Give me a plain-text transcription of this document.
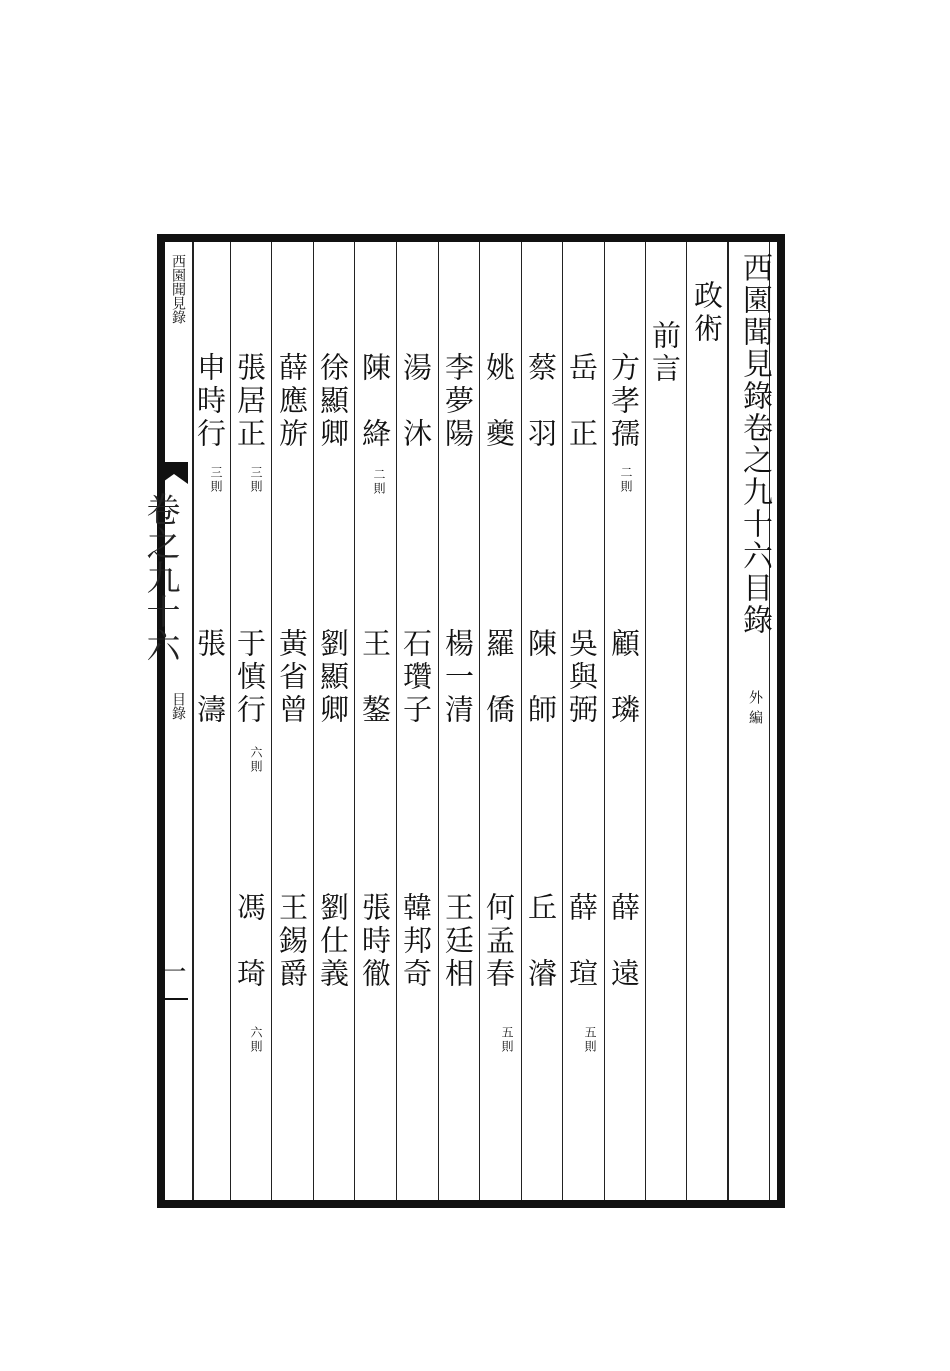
西園聞見錄
卷之九十六
目錄
一
西園聞見錄卷之九十六目錄
外編
政術
前言
方孝孺
二則
顧　璘
薛　遠
岳　正
吳與弼
薛　瑄
五則
蔡　羽
陳　師
丘　濬
姚　夔
羅　僑
何孟春
五則
李夢陽
楊一清
王廷相
湯　沐
石瓚子
韓邦奇
陳　絳
二則
王　鏊
張時徹
徐顯卿
劉顯卿
劉仕義
薛應旂
黃省曾
王錫爵
張居正
三則
于慎行
六則
馮　琦
六則
申時行
三則
張　濤
